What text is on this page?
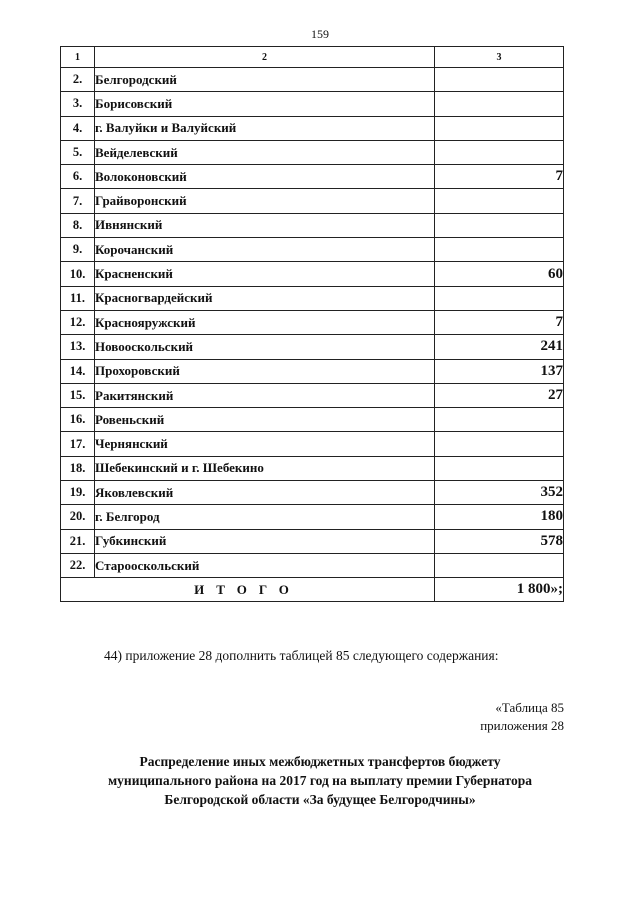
159
1	2	3
2.	Белгородский	
3.	Борисовский	
4.	г. Валуйки и Валуйский	
5.	Вейделевский	
6.	Волоконовский	7
7.	Грайворонский	
8.	Ивнянский	
9.	Корочанский	
10.	Красненский	60
11.	Красногвардейский	
12.	Краснояружский	7
13.	Новооскольский	241
14.	Прохоровский	137
15.	Ракитянский	27
16.	Ровеньский	
17.	Чернянский	
18.	Шебекинский и г. Шебекино	
19.	Яковлевский	352
20.	г. Белгород	180
21.	Губкинский	578
22.	Старооскольский	
ИТОГО		1 800»;
44) приложение 28 дополнить таблицей 85 следующего содержания:
«Таблица 85
приложения 28
Распределение иных межбюджетных трансфертов бюджету
муниципального района на 2017 год на выплату премии Губернатора
Белгородской области «За будущее Белгородчины»
